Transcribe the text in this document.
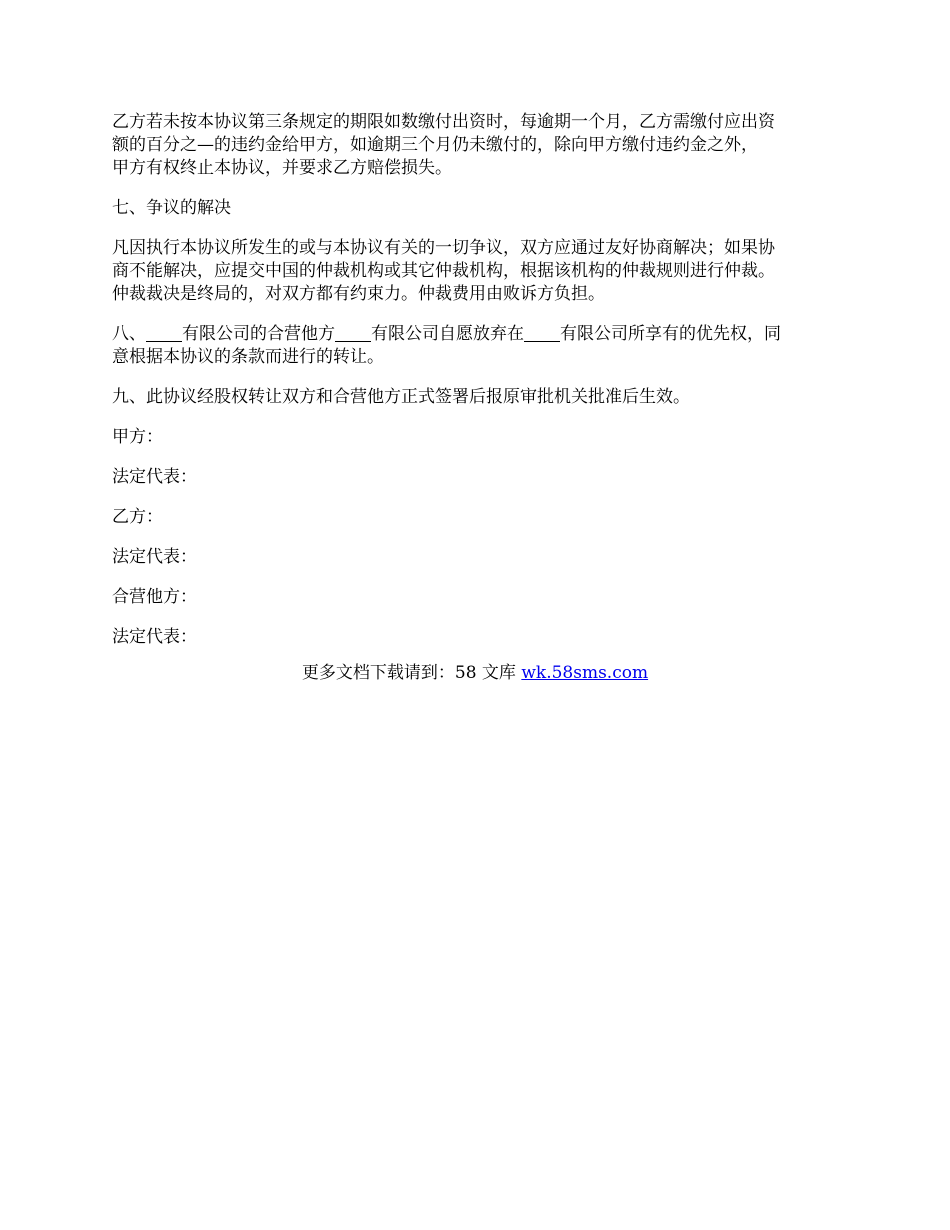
乙方若未按本协议第三条规定的期限如数缴付出资时，每逾期一个月，乙方需缴付应出资
额的百分之—的违约金给甲方，如逾期三个月仍未缴付的，除向甲方缴付违约金之外，
甲方有权终止本协议，并要求乙方赔偿损失。

七、争议的解决

凡因执行本协议所发生的或与本协议有关的一切争议，双方应通过友好协商解决；如果协
商不能解决，应提交中国的仲裁机构或其它仲裁机构，根据该机构的仲裁规则进行仲裁。
仲裁裁决是终局的，对双方都有约束力。仲裁费用由败诉方负担。

八、 有限公司的合营他方 有限公司自愿放弃在 有限公司所享有的优先权，同
意根据本协议的条款而进行的转让。

九、此协议经股权转让双方和合营他方正式签署后报原审批机关批准后生效。

甲方：

法定代表：

乙方：

法定代表：

合营他方：

法定代表：

更多文档下载请到：58 文库 wk.58sms.com
